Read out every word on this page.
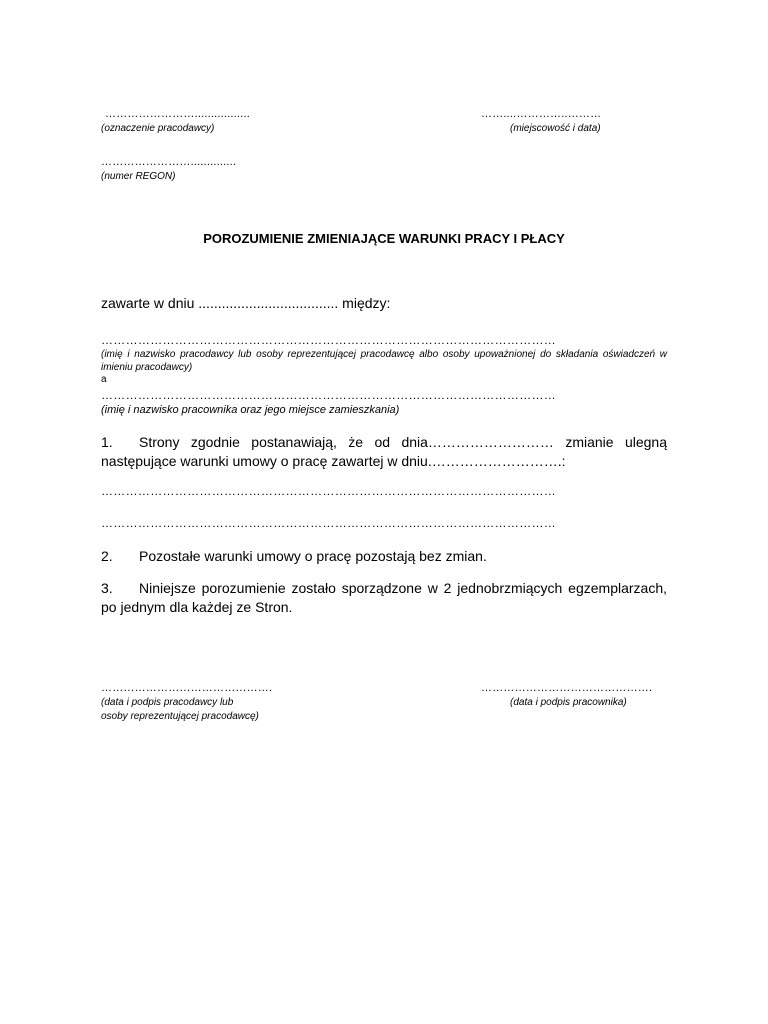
…………………….................
(oznaczenie pracodawcy)
……....…………..………
(miejscowość i data)
……………………..............
(numer REGON)
POROZUMIENIE ZMIENIAJĄCE WARUNKI PRACY I PŁACY
zawarte w dniu .................................... między:
…………………………………………………………………………………………………
(imię i nazwisko pracodawcy lub osoby reprezentującej pracodawcę albo osoby upoważnionej do składania oświadczeń w imieniu pracodawcy)
a
…………………………………………………………………………………………………
(imię i nazwisko pracownika oraz jego miejsce zamieszkania)
1. Strony zgodnie postanawiają, że od dnia……………………… zmianie ulegną następujące warunki umowy o pracę zawartej w dniu.……………………….:
…………………………………………………………………………………………………
…………………………………………………………………………………………………
2. Pozostałe warunki umowy o pracę pozostają bez zmian.
3. Niniejsze porozumienie zostało sporządzone w 2 jednobrzmiących egzemplarzach, po jednym dla każdej ze Stron.
……………………………………….
(data i podpis pracodawcy lub
osoby reprezentującej pracodawcę)
……………………………………….
(data i podpis pracownika)
